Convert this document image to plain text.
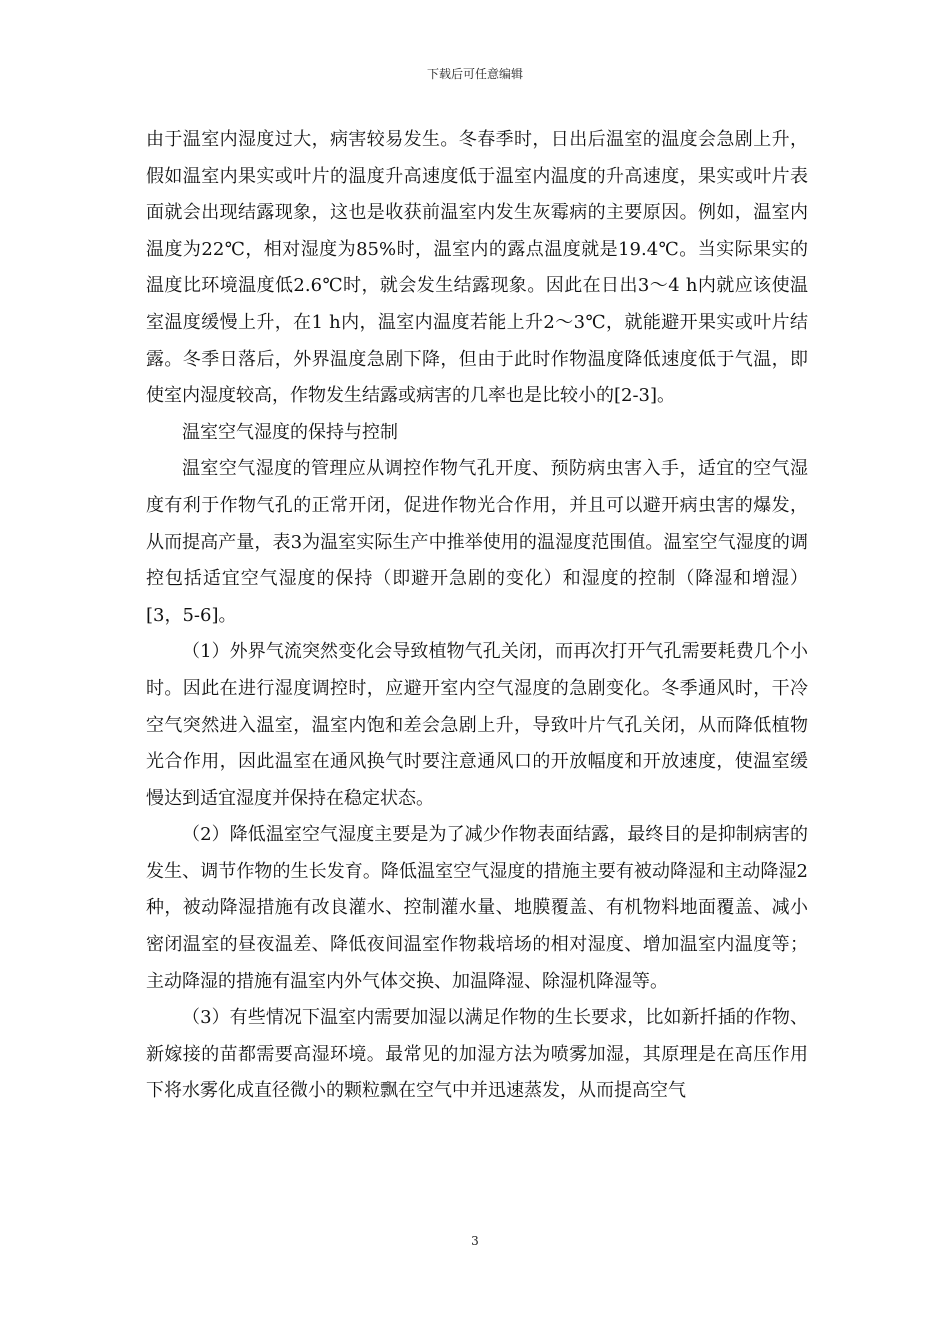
下载后可任意编辑

由于温室内湿度过大，病害较易发生。冬春季时，日出后温室的温度会急剧上升，假如温室内果实或叶片的温度升高速度低于温室内温度的升高速度，果实或叶片表面就会出现结露现象，这也是收获前温室内发生灰霉病的主要原因。例如，温室内温度为22℃，相对湿度为85%时，温室内的露点温度就是19.4℃。当实际果实的温度比环境温度低2.6℃时，就会发生结露现象。因此在日出3～4 h内就应该使温室温度缓慢上升，在1 h内，温室内温度若能上升2～3℃，就能避开果实或叶片结露。冬季日落后，外界温度急剧下降，但由于此时作物温度降低速度低于气温，即使室内湿度较高，作物发生结露或病害的几率也是比较小的[2-3]。

温室空气湿度的保持与控制

温室空气湿度的管理应从调控作物气孔开度、预防病虫害入手，适宜的空气湿度有利于作物气孔的正常开闭，促进作物光合作用，并且可以避开病虫害的爆发，从而提高产量，表3为温室实际生产中推举使用的温湿度范围值。温室空气湿度的调控包括适宜空气湿度的保持（即避开急剧的变化）和湿度的控制（降湿和增湿）[3，5-6]。

（1）外界气流突然变化会导致植物气孔关闭，而再次打开气孔需要耗费几个小时。因此在进行湿度调控时，应避开室内空气湿度的急剧变化。冬季通风时，干冷空气突然进入温室，温室内饱和差会急剧上升，导致叶片气孔关闭，从而降低植物光合作用，因此温室在通风换气时要注意通风口的开放幅度和开放速度，使温室缓慢达到适宜湿度并保持在稳定状态。

（2）降低温室空气湿度主要是为了减少作物表面结露，最终目的是抑制病害的发生、调节作物的生长发育。降低温室空气湿度的措施主要有被动降湿和主动降湿2种，被动降湿措施有改良灌水、控制灌水量、地膜覆盖、有机物料地面覆盖、减小密闭温室的昼夜温差、降低夜间温室作物栽培场的相对湿度、增加温室内温度等；主动降湿的措施有温室内外气体交换、加温降湿、除湿机降湿等。

（3）有些情况下温室内需要加湿以满足作物的生长要求，比如新扦插的作物、新嫁接的苗都需要高湿环境。最常见的加湿方法为喷雾加湿，其原理是在高压作用下将水雾化成直径微小的颗粒飘在空气中并迅速蒸发，从而提高空气

3
